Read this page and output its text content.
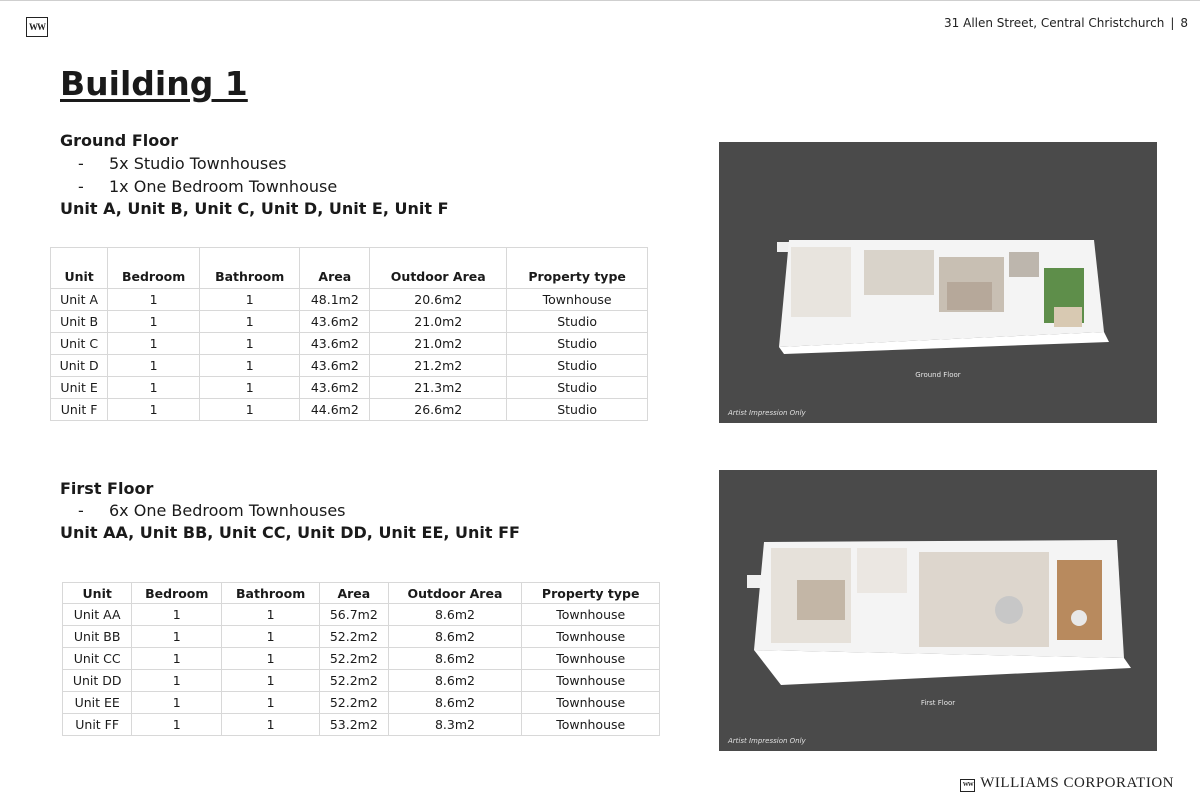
WW	31 Allen Street, Central Christchurch | 8
Building 1
Ground Floor
- 5x Studio Townhouses
- 1x One Bedroom Townhouse
Unit A, Unit B, Unit C, Unit D, Unit E, Unit F
Unit	Bedroom	Bathroom	Area	Outdoor Area	Property type
Unit A	1	1	48.1m2	20.6m2	Townhouse
Unit B	1	1	43.6m2	21.0m2	Studio
Unit C	1	1	43.6m2	21.0m2	Studio
Unit D	1	1	43.6m2	21.2m2	Studio
Unit E	1	1	43.6m2	21.3m2	Studio
Unit F	1	1	44.6m2	26.6m2	Studio
Ground Floor
Artist Impression Only
First Floor
- 6x One Bedroom Townhouses
Unit AA, Unit BB, Unit CC, Unit DD, Unit EE, Unit FF
Unit	Bedroom	Bathroom	Area	Outdoor Area	Property type
Unit AA	1	1	56.7m2	8.6m2	Townhouse
Unit BB	1	1	52.2m2	8.6m2	Townhouse
Unit CC	1	1	52.2m2	8.6m2	Townhouse
Unit DD	1	1	52.2m2	8.6m2	Townhouse
Unit EE	1	1	52.2m2	8.6m2	Townhouse
Unit FF	1	1	53.2m2	8.3m2	Townhouse
First Floor
Artist Impression Only
WW WILLIAMS CORPORATION
